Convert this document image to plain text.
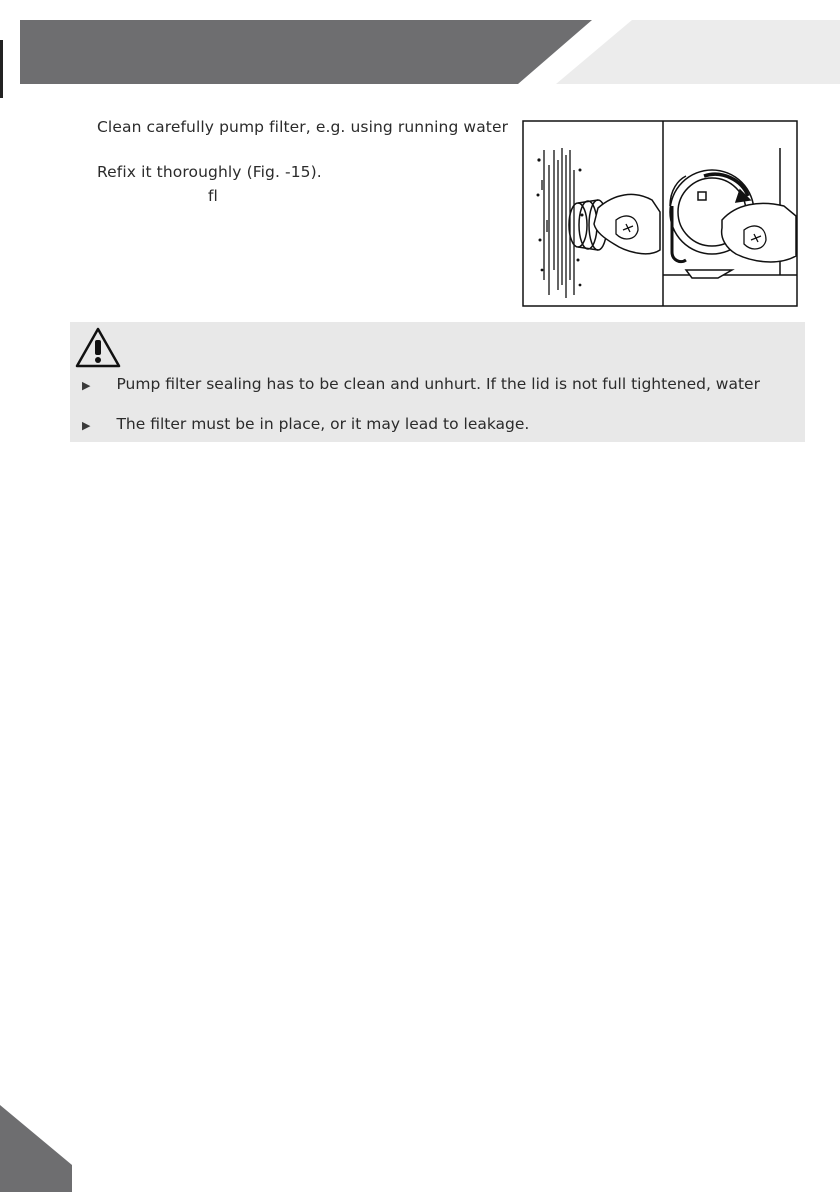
Clean carefully pump filter, e.g. using running water
Refix it thoroughly (Fig. -15).
fl
▶ Pump filter sealing has to be clean and unhurt. If the lid is not full tightened, water
▶ The filter must be in place, or it may lead to leakage.
